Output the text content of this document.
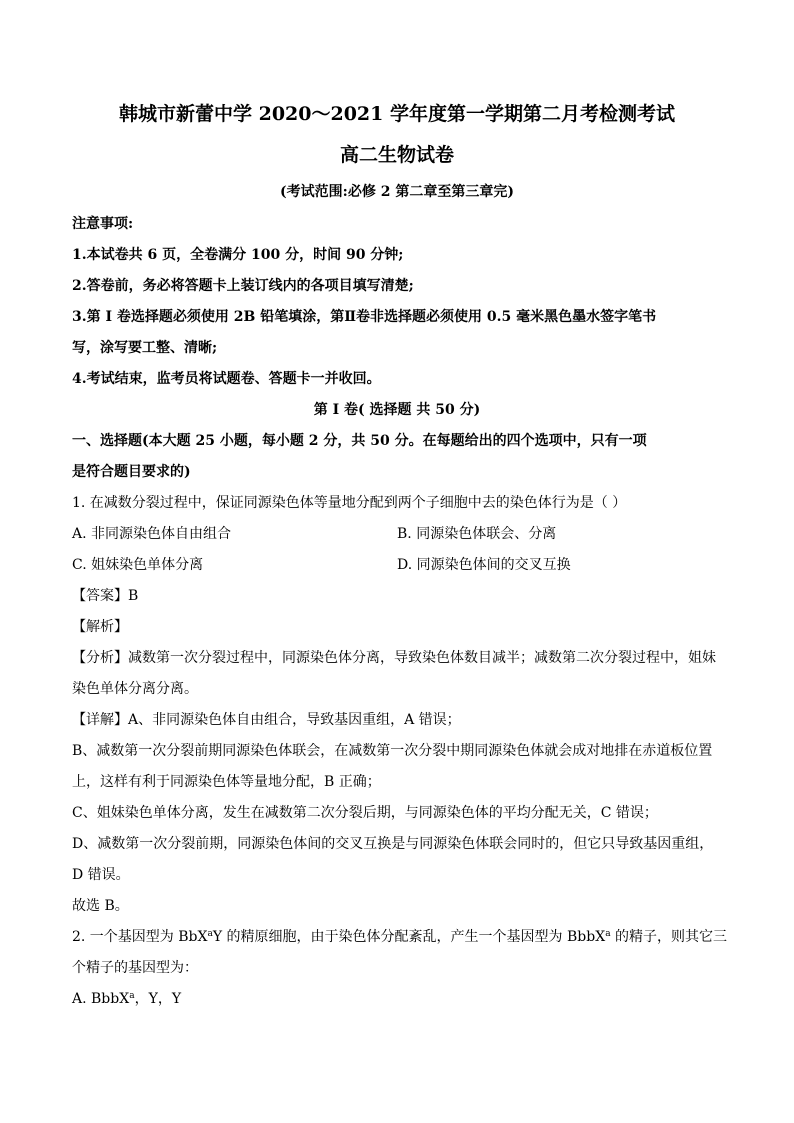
韩城市新蕾中学 2020～2021 学年度第一学期第二月考检测考试
高二生物试卷
(考试范围:必修 2 第二章至第三章完)
注意事项:
1.本试卷共 6 页，全卷满分 100 分，时间 90 分钟;
2.答卷前，务必将答题卡上装订线内的各项目填写清楚;
3.第 I 卷选择题必须使用 2B 铅笔填涂，第Ⅱ卷非选择题必须使用 0.5 毫米黑色墨水签字笔书
写，涂写要工整、清晰;
4.考试结束，监考员将试题卷、答题卡一并收回。
第 I 卷( 选择题 共 50 分)
一、选择题(本大题 25 小题，每小题 2 分，共 50 分。在每题给出的四个选项中，只有一项
是符合题目要求的)
1. 在减数分裂过程中，保证同源染色体等量地分配到两个子细胞中去的染色体行为是（ ）
A. 非同源染色体自由组合	B. 同源染色体联会、分离
C. 姐妹染色单体分离	D. 同源染色体间的交叉互换
【答案】B
【解析】
【分析】减数第一次分裂过程中，同源染色体分离，导致染色体数目减半；减数第二次分裂过程中，姐妹
染色单体分离分离。
【详解】A、非同源染色体自由组合，导致基因重组，A 错误；
B、减数第一次分裂前期同源染色体联会，在减数第一次分裂中期同源染色体就会成对地排在赤道板位置
上，这样有利于同源染色体等量地分配，B 正确；
C、姐妹染色单体分离，发生在减数第二次分裂后期，与同源染色体的平均分配无关，C 错误；
D、减数第一次分裂前期，同源染色体间的交叉互换是与同源染色体联会同时的，但它只导致基因重组，
D 错误。
故选 B。
2. 一个基因型为 BbX$^a$Y 的精原细胞，由于染色体分配紊乱，产生一个基因型为 BbbX$^a$ 的精子，则其它三
个精子的基因型为：
A. BbbX$^a$，Y，Y
